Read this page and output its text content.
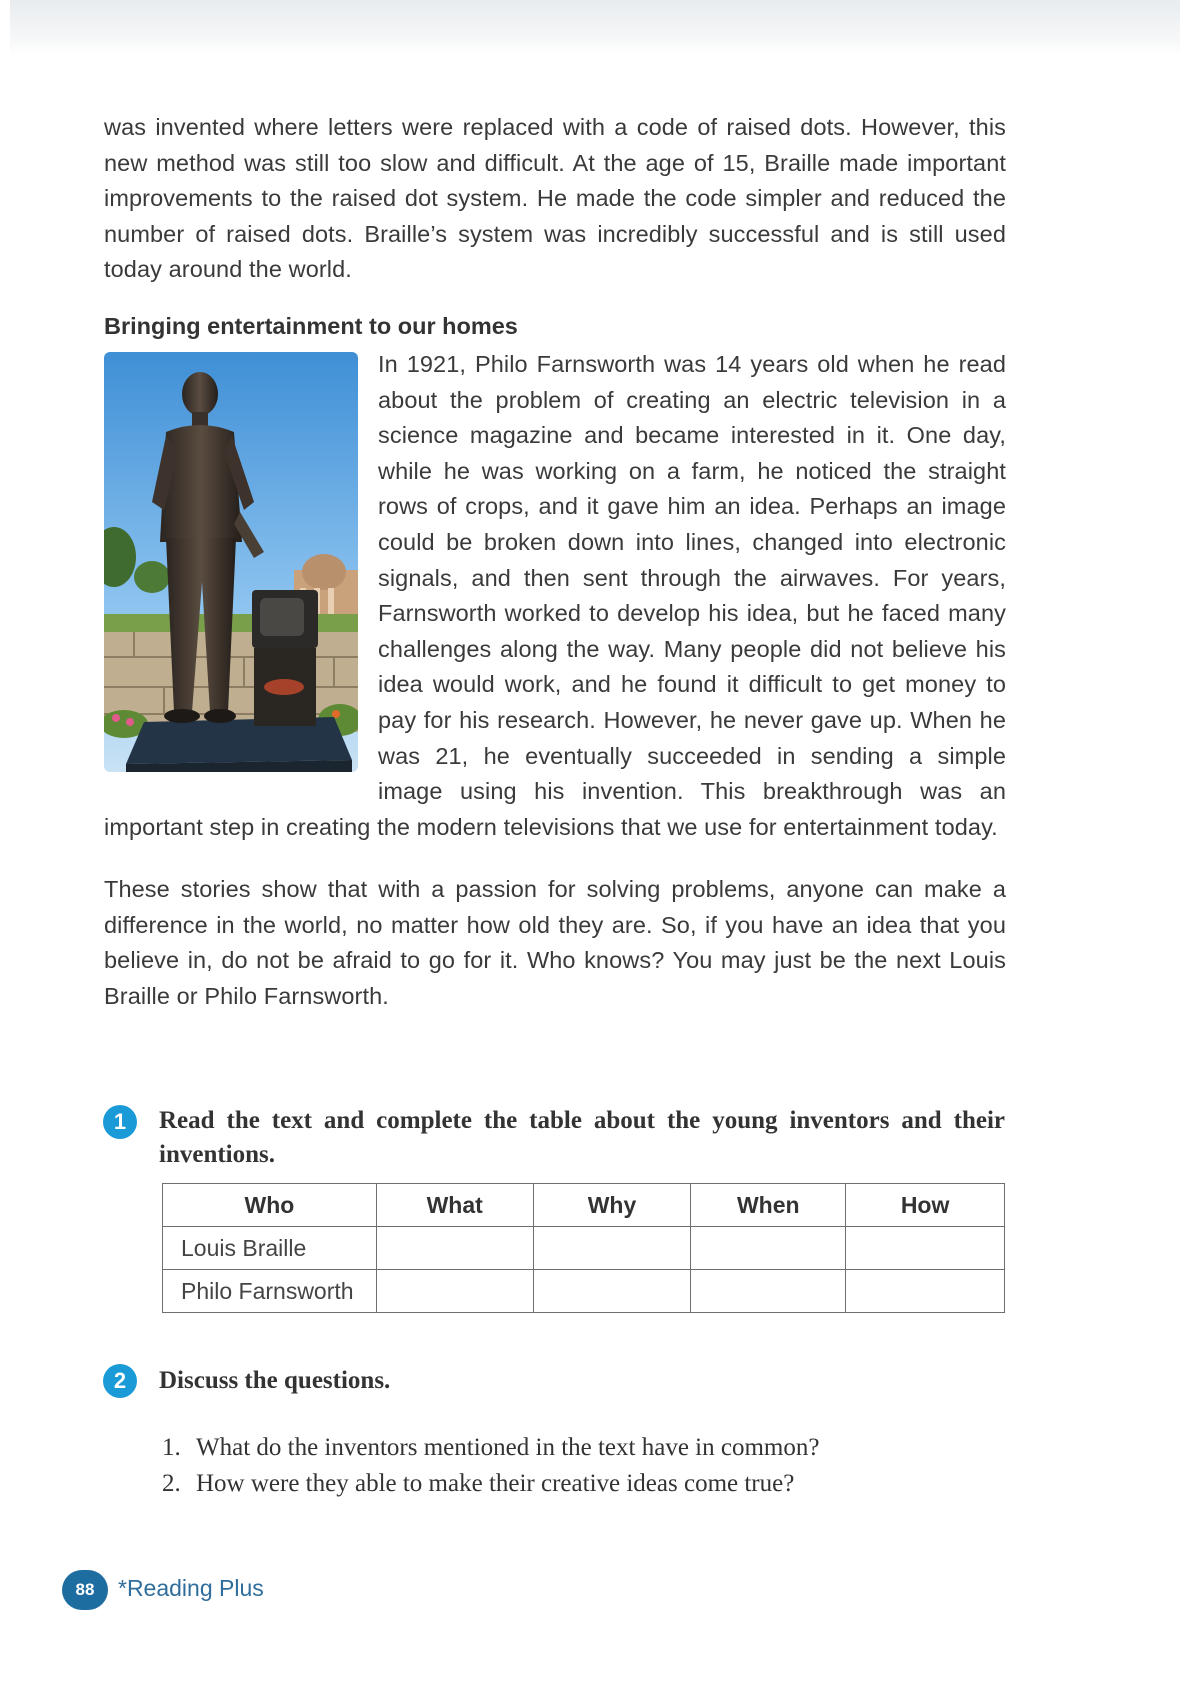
was invented where letters were replaced with a code of raised dots. However, this new method was still too slow and difficult. At the age of 15, Braille made important improvements to the raised dot system. He made the code simpler and reduced the number of raised dots. Braille’s system was incredibly successful and is still used today around the world.

Bringing entertainment to our homes

In 1921, Philo Farnsworth was 14 years old when he read about the problem of creating an electric television in a science magazine and became interested in it. One day, while he was working on a farm, he noticed the straight rows of crops, and it gave him an idea. Perhaps an image could be broken down into lines, changed into electronic signals, and then sent through the airwaves. For years, Farnsworth worked to develop his idea, but he faced many challenges along the way. Many people did not believe his idea would work, and he found it difficult to get money to pay for his research. However, he never gave up. When he was 21, he eventually succeeded in sending a simple image using his invention. This breakthrough was an important step in creating the modern televisions that we use for entertainment today.

These stories show that with a passion for solving problems, anyone can make a difference in the world, no matter how old they are. So, if you have an idea that you believe in, do not be afraid to go for it. Who knows? You may just be the next Louis Braille or Philo Farnsworth.

1	Read the text and complete the table about the young inventors and their inventions.

Who	What	Why	When	How
Louis Braille				
Philo Farnsworth				
2	Discuss the questions.

1. What do the inventors mentioned in the text have in common?
2. How were they able to make their creative ideas come true?
88	*Reading Plus
